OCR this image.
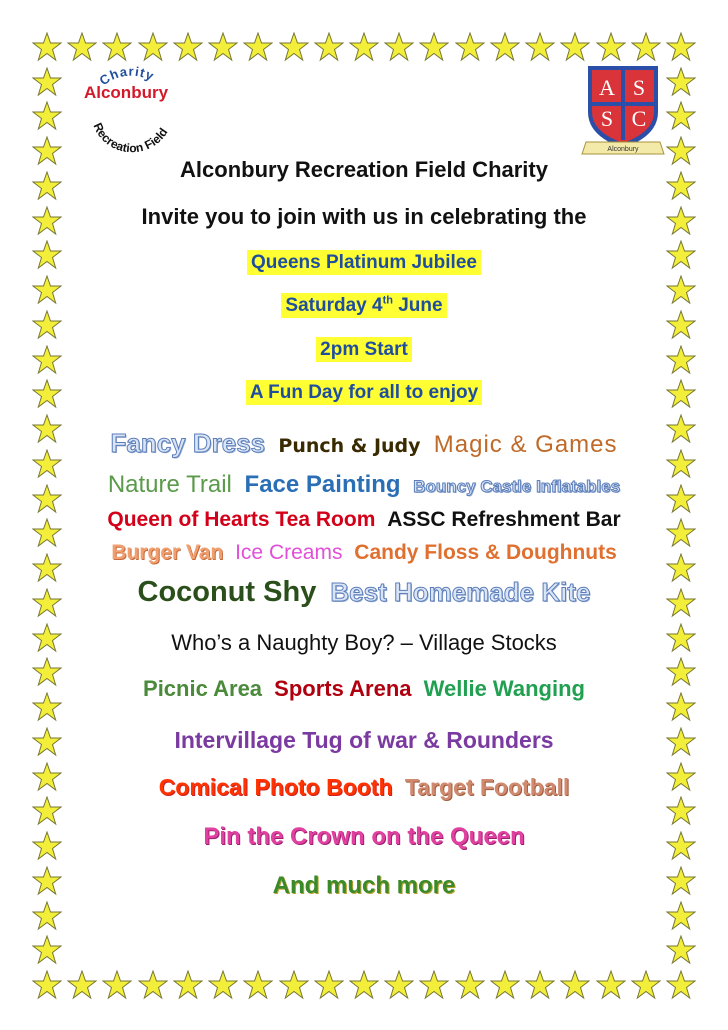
Charity
Alconbury
Recreation Field
A S
S C
Alconbury
Alconbury Recreation Field Charity
Invite you to join with us in celebrating the
Queens Platinum Jubilee
Saturday 4th June
2pm Start
A Fun Day for all to enjoy
Fancy Dress Punch & Judy Magic & Games
Nature Trail Face Painting Bouncy Castle Inflatables
Queen of Hearts Tea Room ASSC Refreshment Bar
Burger Van Ice Creams Candy Floss & Doughnuts
Coconut Shy Best Homemade Kite
Who’s a Naughty Boy? – Village Stocks
Picnic Area Sports Arena Wellie Wanging
Intervillage Tug of war & Rounders
Comical Photo Booth Target Football
Pin the Crown on the Queen
And much more
